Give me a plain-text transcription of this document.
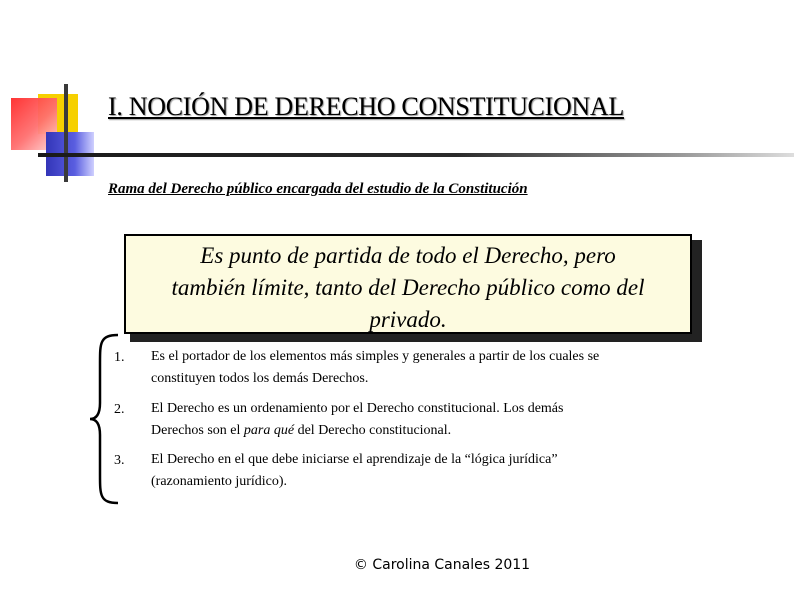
I. NOCIÓN DE DERECHO CONSTITUCIONAL
Rama del Derecho público encargada del estudio de la Constitución
Es punto de partida de todo el Derecho, pero
también límite, tanto del Derecho público como del
privado.
1. Es el portador de los elementos más simples y generales a partir de los cuales se
constituyen todos los demás Derechos.
2. El Derecho es un ordenamiento por el Derecho constitucional. Los demás
Derechos son el para qué del Derecho constitucional.
3. El Derecho en el que debe iniciarse el aprendizaje de la “lógica jurídica”
(razonamiento jurídico).
© Carolina Canales 2011
